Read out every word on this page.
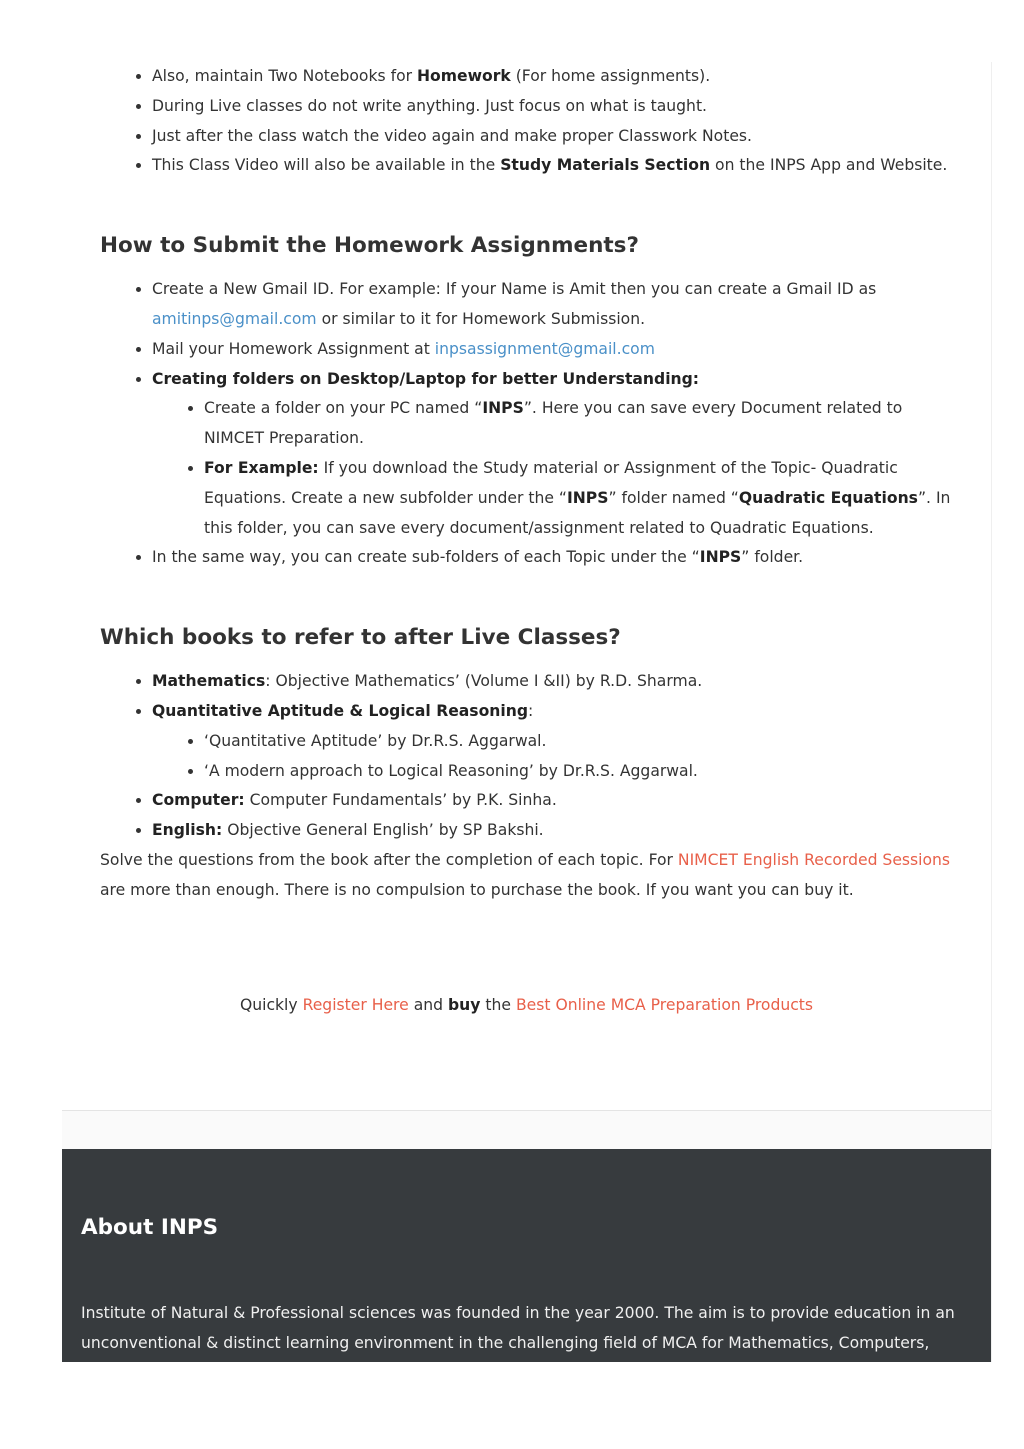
• Also, maintain Two Notebooks for Homework (For home assignments).
• During Live classes do not write anything. Just focus on what is taught.
• Just after the class watch the video again and make proper Classwork Notes.
• This Class Video will also be available in the Study Materials Section on the INPS App and Website.
How to Submit the Homework Assignments?
• Create a New Gmail ID. For example: If your Name is Amit then you can create a Gmail ID as amitinps@gmail.com or similar to it for Homework Submission.
• Mail your Homework Assignment at inpsassignment@gmail.com
• Creating folders on Desktop/Laptop for better Understanding:
• Create a folder on your PC named “INPS”. Here you can save every Document related to NIMCET Preparation.
• For Example: If you download the Study material or Assignment of the Topic- Quadratic Equations. Create a new subfolder under the “INPS” folder named “Quadratic Equations”. In this folder, you can save every document/assignment related to Quadratic Equations.
• In the same way, you can create sub-folders of each Topic under the “INPS” folder.
Which books to refer to after Live Classes?
• Mathematics: Objective Mathematics’ (Volume I &II) by R.D. Sharma.
• Quantitative Aptitude & Logical Reasoning:
• ‘Quantitative Aptitude’ by Dr.R.S. Aggarwal.
• ‘A modern approach to Logical Reasoning’ by Dr.R.S. Aggarwal.
• Computer: Computer Fundamentals’ by P.K. Sinha.
• English: Objective General English’ by SP Bakshi.

Solve the questions from the book after the completion of each topic. For NIMCET English Recorded Sessions are more than enough. There is no compulsion to purchase the book. If you want you can buy it.

Quickly Register Here and buy the Best Online MCA Preparation Products
About INPS

Institute of Natural & Professional sciences was founded in the year 2000. The aim is to provide education in an unconventional & distinct learning environment in the challenging field of MCA for Mathematics, Computers,
